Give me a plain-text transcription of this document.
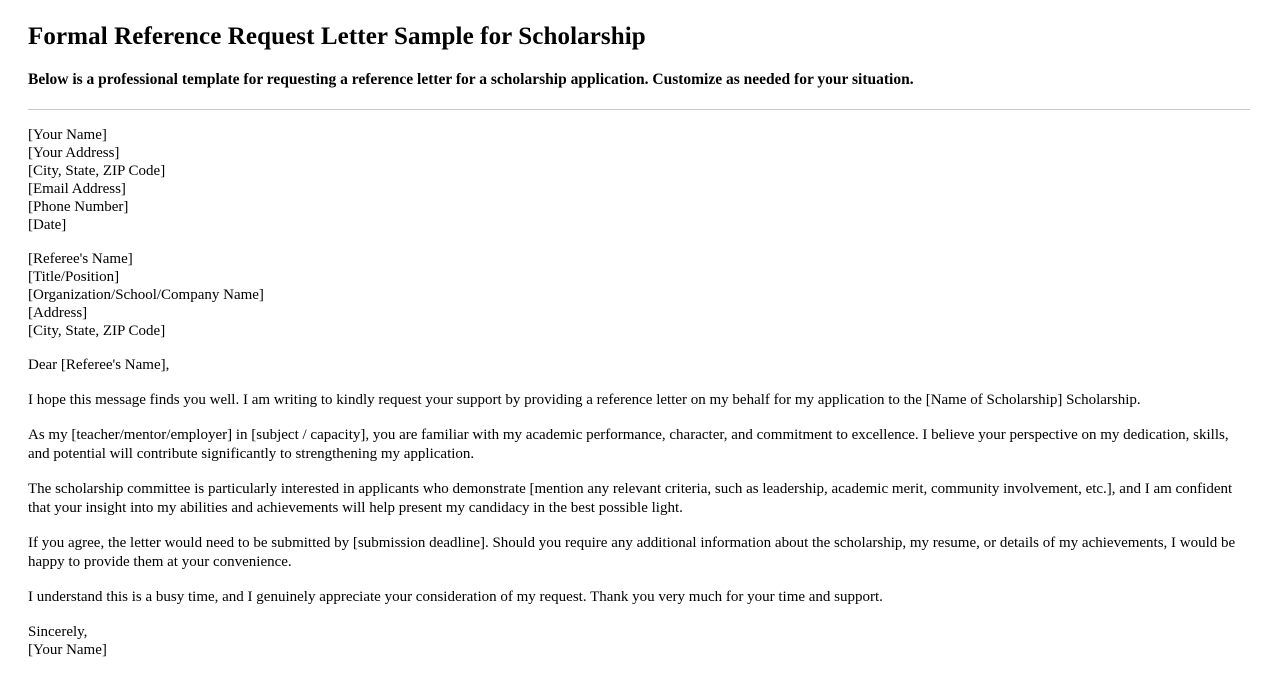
Formal Reference Request Letter Sample for Scholarship

Below is a professional template for requesting a reference letter for a scholarship application. Customize as needed for your situation.

[Your Name]
[Your Address]
[City, State, ZIP Code]
[Email Address]
[Phone Number]
[Date]
[Referee's Name]
[Title/Position]
[Organization/School/Company Name]
[Address]
[City, State, ZIP Code]

Dear [Referee's Name],

I hope this message finds you well. I am writing to kindly request your support by providing a reference letter on my behalf for my application to the [Name of Scholarship] Scholarship.

As my [teacher/mentor/employer] in [subject / capacity], you are familiar with my academic performance, character, and commitment to excellence. I believe your perspective on my dedication, skills, and potential will contribute significantly to strengthening my application.

The scholarship committee is particularly interested in applicants who demonstrate [mention any relevant criteria, such as leadership, academic merit, community involvement, etc.], and I am confident that your insight into my abilities and achievements will help present my candidacy in the best possible light.

If you agree, the letter would need to be submitted by [submission deadline]. Should you require any additional information about the scholarship, my resume, or details of my achievements, I would be happy to provide them at your convenience.

I understand this is a busy time, and I genuinely appreciate your consideration of my request. Thank you very much for your time and support.

Sincerely,
[Your Name]
